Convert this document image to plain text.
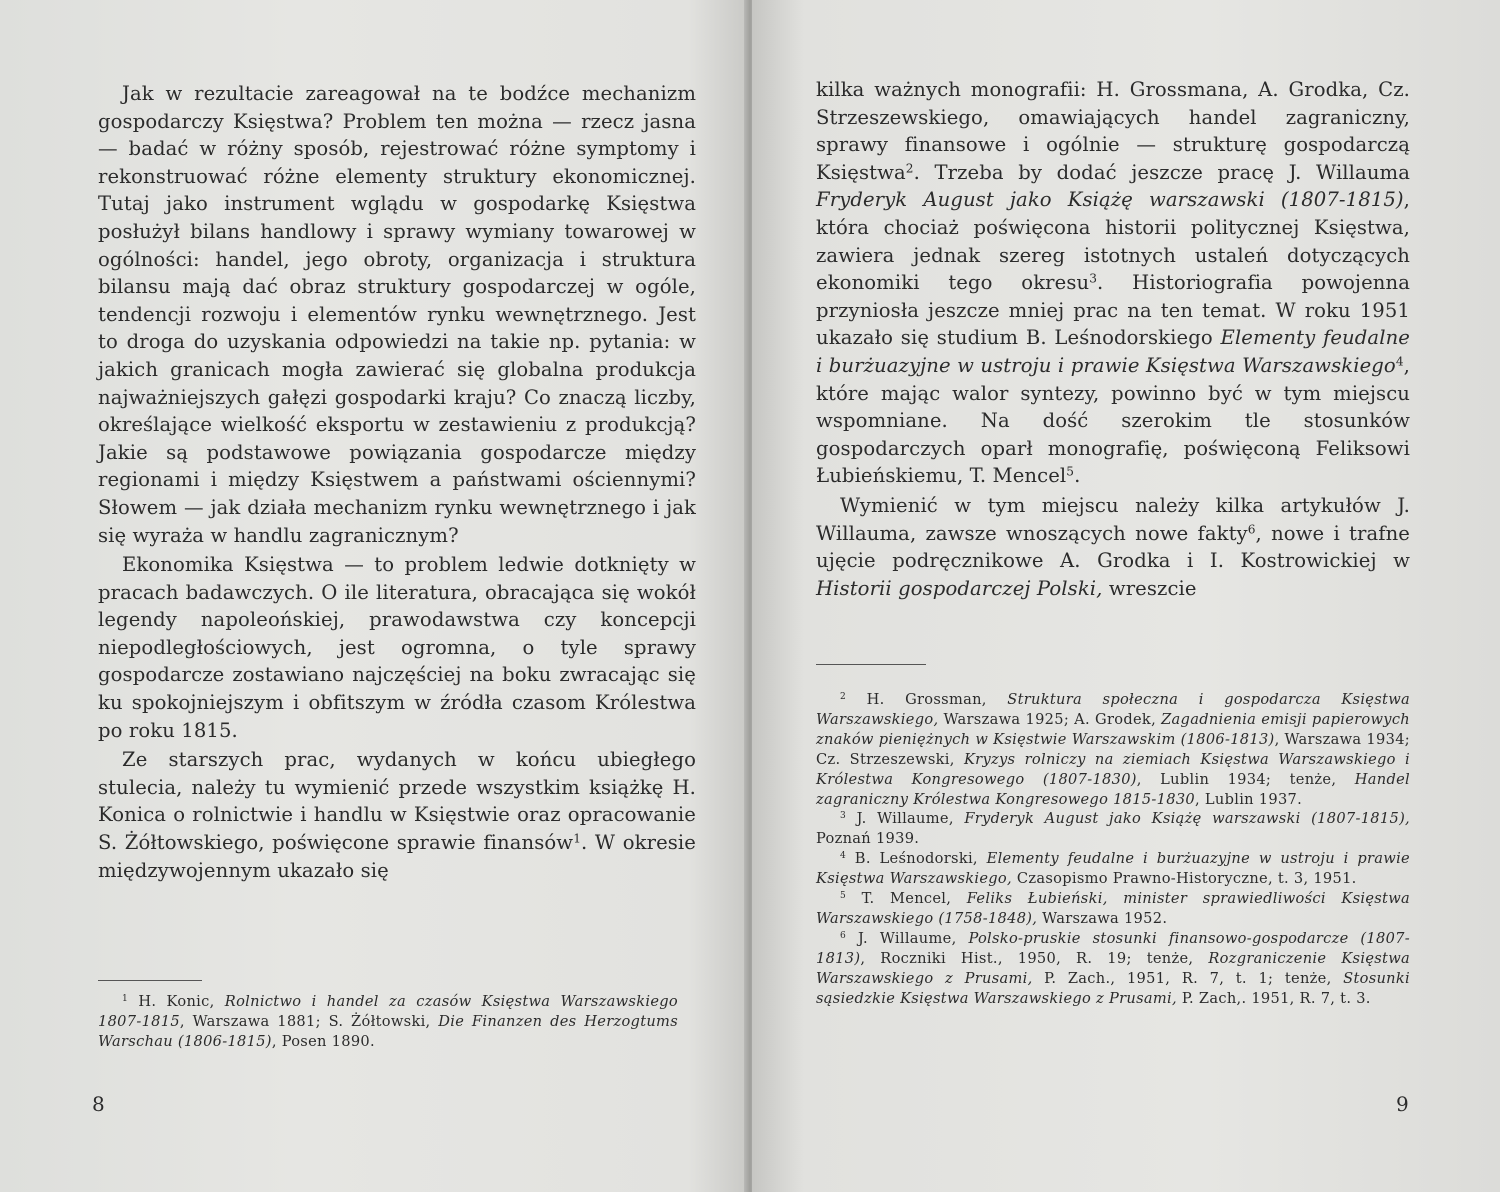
Jak w rezultacie zareagował na te bodźce mechanizm gospodarczy Księstwa? Problem ten można — rzecz jasna — badać w różny sposób, rejestrować różne symptomy i rekonstruować różne elementy struktury ekonomicznej. Tutaj jako instrument wglądu w gospodarkę Księstwa posłużył bilans handlowy i sprawy wymiany towarowej w ogólności: handel, jego obroty, organizacja i struktura bilansu mają dać obraz struktury gospodarczej w ogóle, tendencji rozwoju i elementów rynku wewnętrznego. Jest to droga do uzyskania odpowiedzi na takie np. pytania: w jakich granicach mogła zawierać się globalna produkcja najważniejszych gałęzi gospodarki kraju? Co znaczą liczby, określające wielkość eksportu w zestawieniu z produkcją? Jakie są podstawowe powiązania gospodarcze między regionami i między Księstwem a państwami ościennymi? Słowem — jak działa mechanizm rynku wewnętrznego i jak się wyraża w handlu zagranicznym?

Ekonomika Księstwa — to problem ledwie dotknięty w pracach badawczych. O ile literatura, obracająca się wokół legendy napoleońskiej, prawodawstwa czy koncepcji niepodległościowych, jest ogromna, o tyle sprawy gospodarcze zostawiano najczęściej na boku zwracając się ku spokojniejszym i obfitszym w źródła czasom Królestwa po roku 1815.

Ze starszych prac, wydanych w końcu ubiegłego stulecia, należy tu wymienić przede wszystkim książkę H. Konica o rolnictwie i handlu w Księstwie oraz opracowanie S. Żółtowskiego, poświęcone sprawie finansów$^1$. W okresie międzywojennym ukazało się

$^1$ H. Konic, Rolnictwo i handel za czasów Księstwa Warszawskiego 1807-1815, Warszawa 1881; S. Żółtowski, Die Finanzen des Herzogtums Warschau (1806-1815), Posen 1890.

8

kilka ważnych monografii: H. Grossmana, A. Grodka, Cz. Strzeszewskiego, omawiających handel zagraniczny, sprawy finansowe i ogólnie — strukturę gospodarczą Księstwa$^2$. Trzeba by dodać jeszcze pracę J. Willauma Fryderyk August jako Książę warszawski (1807-1815), która chociaż poświęcona historii politycznej Księstwa, zawiera jednak szereg istotnych ustaleń dotyczących ekonomiki tego okresu$^3$. Historiografia powojenna przyniosła jeszcze mniej prac na ten temat. W roku 1951 ukazało się studium B. Leśnodorskiego Elementy feudalne i burżuazyjne w ustroju i prawie Księstwa Warszawskiego$^4$, które mając walor syntezy, powinno być w tym miejscu wspomniane. Na dość szerokim tle stosunków gospodarczych oparł monografię, poświęconą Feliksowi Łubieńskiemu, T. Mencel$^5$.

Wymienić w tym miejscu należy kilka artykułów J. Willauma, zawsze wnoszących nowe fakty$^6$, nowe i trafne ujęcie podręcznikowe A. Grodka i I. Kostrowickiej w Historii gospodarczej Polski, wreszcie

$^2$ H. Grossman, Struktura społeczna i gospodarcza Księstwa Warszawskiego, Warszawa 1925; A. Grodek, Zagadnienia emisji papierowych znaków pieniężnych w Księstwie Warszawskim (1806-1813), Warszawa 1934; Cz. Strzeszewski, Kryzys rolniczy na ziemiach Księstwa Warszawskiego i Królestwa Kongresowego (1807-1830), Lublin 1934; tenże, Handel zagraniczny Królestwa Kongresowego 1815-1830, Lublin 1937.

$^3$ J. Willaume, Fryderyk August jako Książę warszawski (1807-1815), Poznań 1939.

$^4$ B. Leśnodorski, Elementy feudalne i burżuazyjne w ustroju i prawie Księstwa Warszawskiego, Czasopismo Prawno-Historyczne, t. 3, 1951.

$^5$ T. Mencel, Feliks Łubieński, minister sprawiedliwości Księstwa Warszawskiego (1758-1848), Warszawa 1952.

$^6$ J. Willaume, Polsko-pruskie stosunki finansowo-gospodarcze (1807-1813), Roczniki Hist., 1950, R. 19; tenże, Rozgraniczenie Księstwa Warszawskiego z Prusami, P. Zach., 1951, R. 7, t. 1; tenże, Stosunki sąsiedzkie Księstwa Warszawskiego z Prusami, P. Zach,. 1951, R. 7, t. 3.

9
